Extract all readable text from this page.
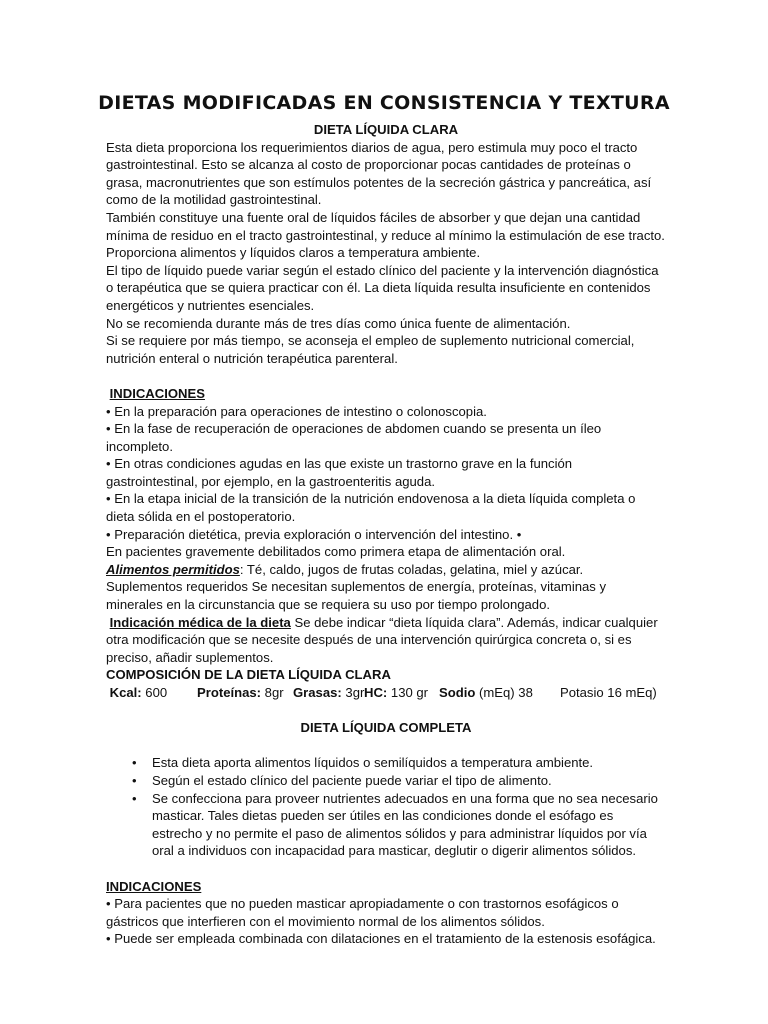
DIETAS MODIFICADAS EN CONSISTENCIA Y TEXTURA

DIETA LÍQUIDA CLARA

Esta dieta proporciona los requerimientos diarios de agua, pero estimula muy poco el tracto gastrointestinal. Esto se alcanza al costo de proporcionar pocas cantidades de proteínas o grasa, macronutrientes que son estímulos potentes de la secreción gástrica y pancreática, así como de la motilidad gastrointestinal.

También constituye una fuente oral de líquidos fáciles de absorber y que dejan una cantidad mínima de residuo en el tracto gastrointestinal, y reduce al mínimo la estimulación de ese tracto.

Proporciona alimentos y líquidos claros a temperatura ambiente.

El tipo de líquido puede variar según el estado clínico del paciente y la intervención diagnóstica o terapéutica que se quiera practicar con él. La dieta líquida resulta insuficiente en contenidos energéticos y nutrientes esenciales.

No se recomienda durante más de tres días como única fuente de alimentación.

Si se requiere por más tiempo, se aconseja el empleo de suplemento nutricional comercial, nutrición enteral o nutrición terapéutica parenteral.

INDICACIONES

• En la preparación para operaciones de intestino o colonoscopia.

• En la fase de recuperación de operaciones de abdomen cuando se presenta un íleo incompleto.

• En otras condiciones agudas en las que existe un trastorno grave en la función gastrointestinal, por ejemplo, en la gastroenteritis aguda.

• En la etapa inicial de la transición de la nutrición endovenosa a la dieta líquida completa o dieta sólida en el postoperatorio.

• Preparación dietética, previa exploración o intervención del intestino. •

En pacientes gravemente debilitados como primera etapa de alimentación oral.

Alimentos permitidos: Té, caldo, jugos de frutas coladas, gelatina, miel y azúcar.

Suplementos requeridos Se necesitan suplementos de energía, proteínas, vitaminas y minerales en la circunstancia que se requiera su uso por tiempo prolongado.

Indicación médica de la dieta Se debe indicar “dieta líquida clara”. Además, indicar cualquier otra modificación que se necesite después de una intervención quirúrgica concreta o, si es preciso, añadir suplementos.

COMPOSICIÓN DE LA DIETA LÍQUIDA CLARA

Kcal: 600	Proteínas: 8gr Grasas: 3gr HC: 130 gr Sodio (mEq) 38	Potasio 16 mEq)

DIETA LÍQUIDA COMPLETA

• Esta dieta aporta alimentos líquidos o semilíquidos a temperatura ambiente.
• Según el estado clínico del paciente puede variar el tipo de alimento.
• Se confecciona para proveer nutrientes adecuados en una forma que no sea necesario masticar. Tales dietas pueden ser útiles en las condiciones donde el esófago es estrecho y no permite el paso de alimentos sólidos y para administrar líquidos por vía oral a individuos con incapacidad para masticar, deglutir o digerir alimentos sólidos.

INDICACIONES

• Para pacientes que no pueden masticar apropiadamente o con trastornos esofágicos o gástricos que interfieren con el movimiento normal de los alimentos sólidos.

• Puede ser empleada combinada con dilataciones en el tratamiento de la estenosis esofágica.
